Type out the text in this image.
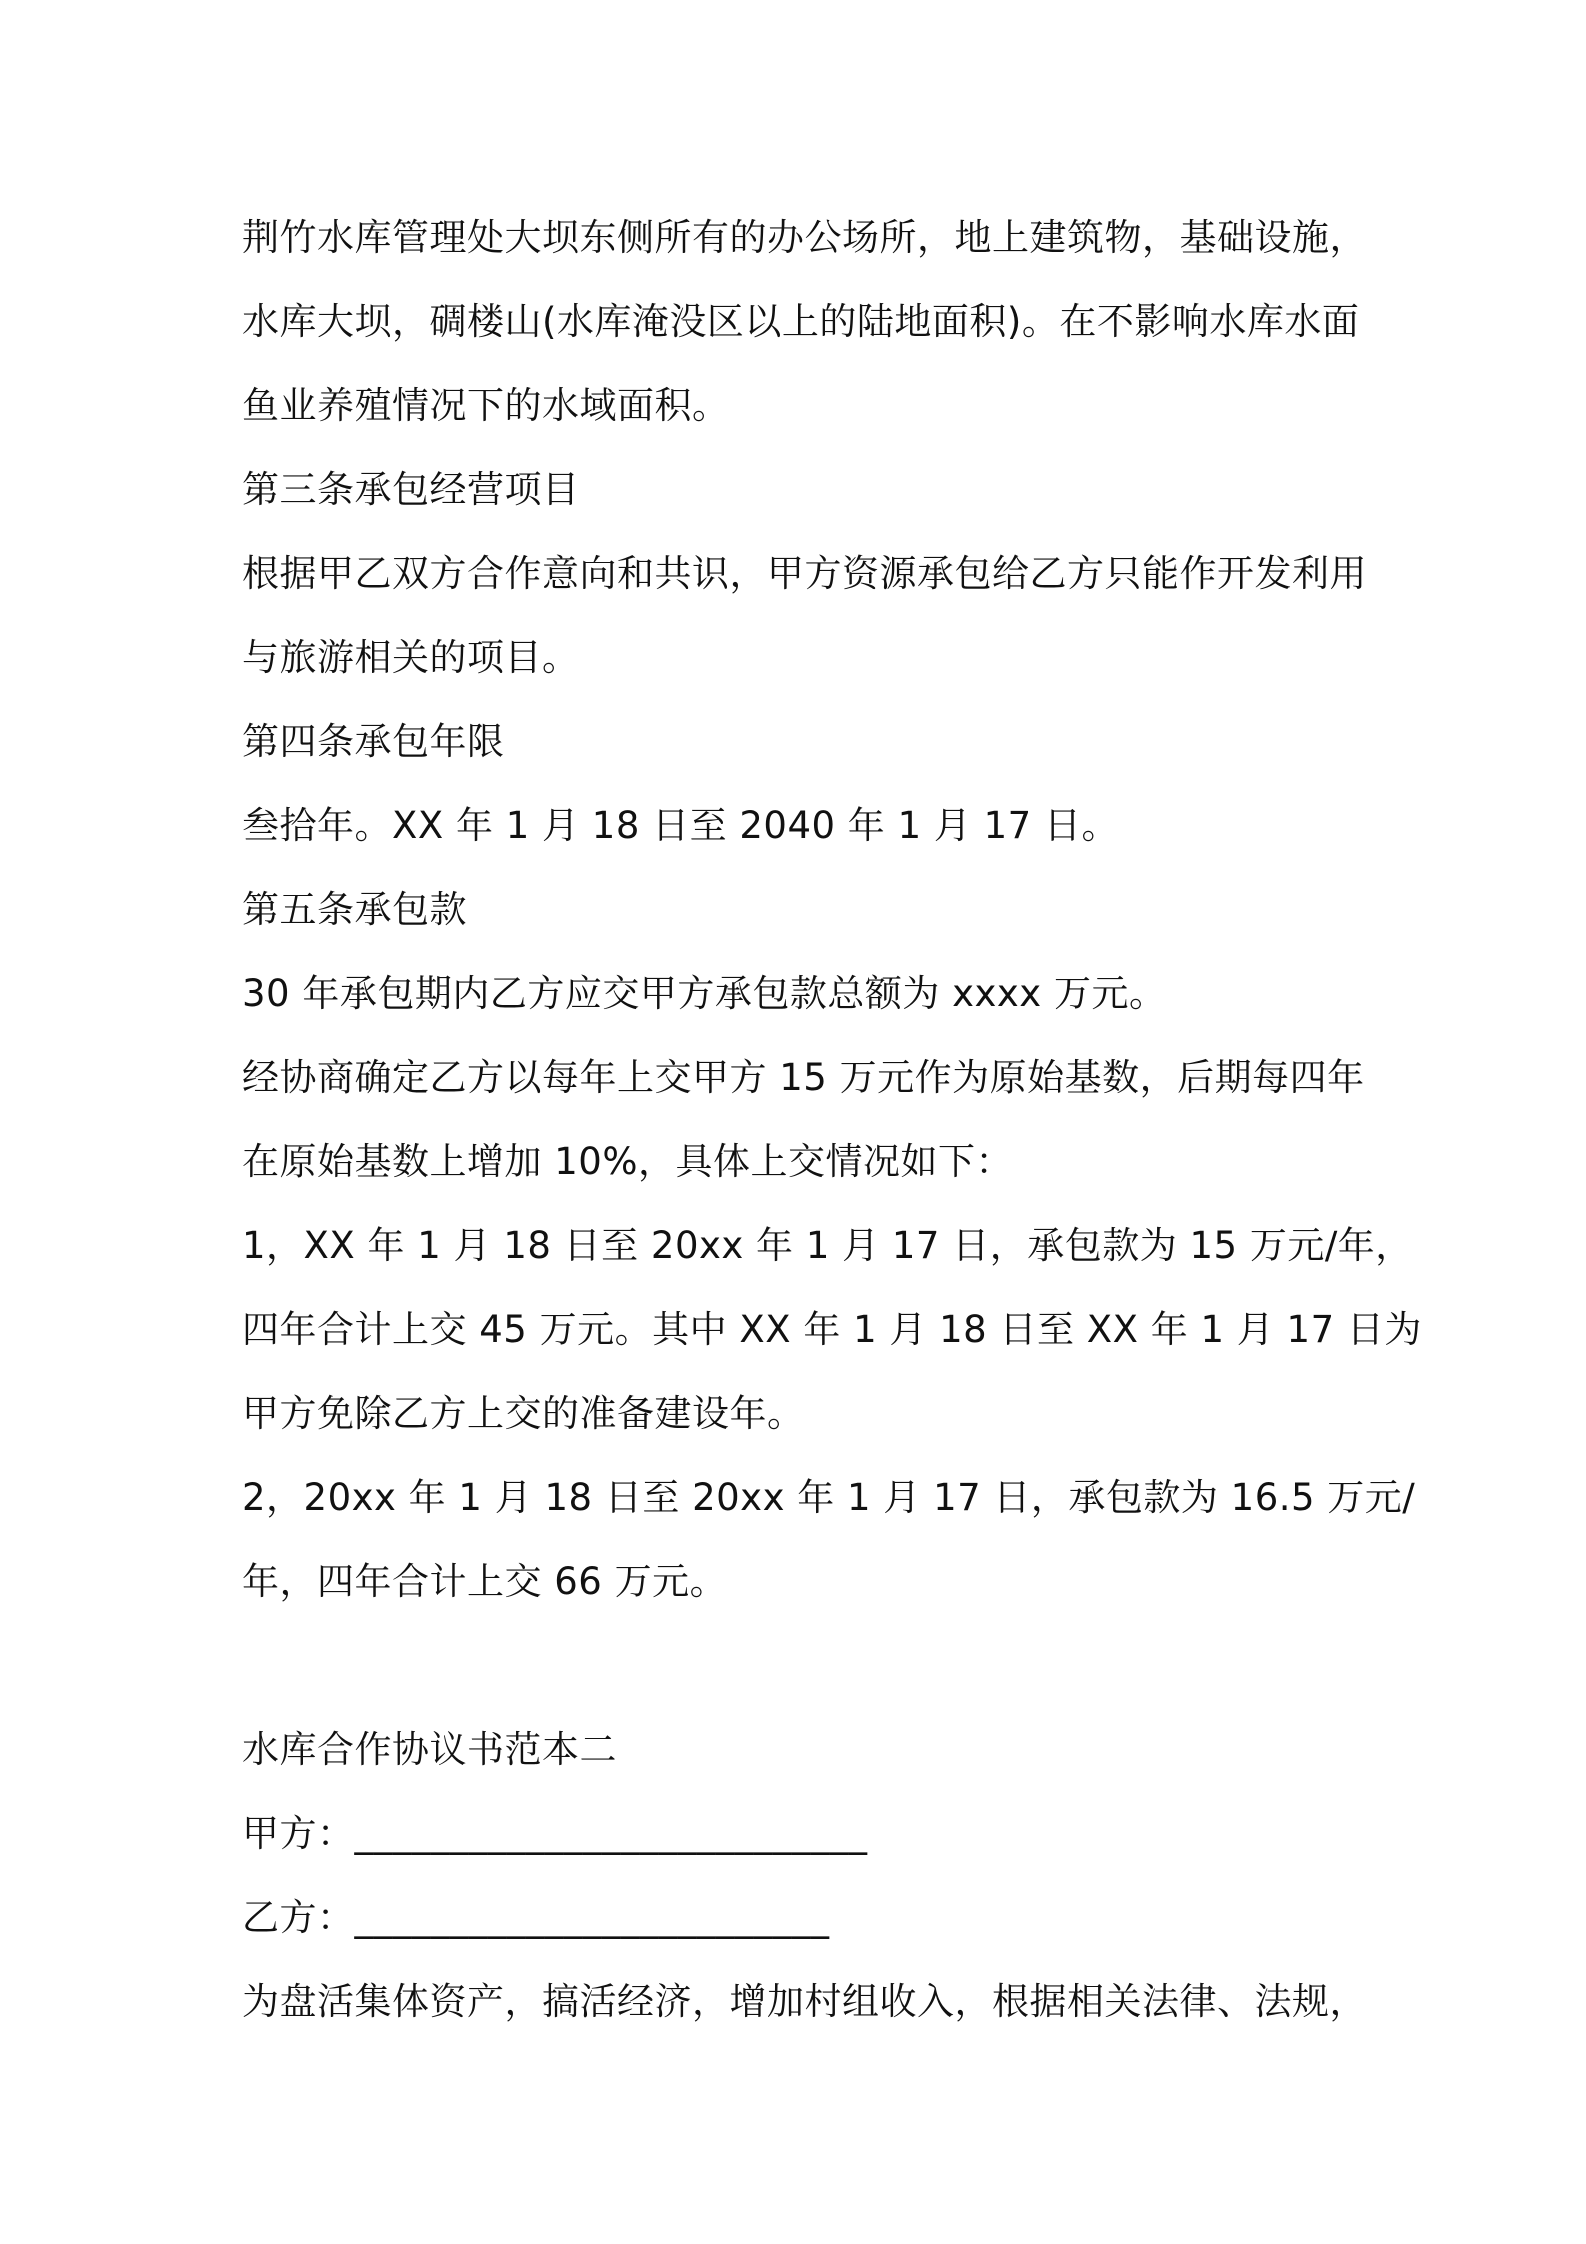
荆竹水库管理处大坝东侧所有的办公场所，地上建筑物，基础设施，
水库大坝，碉楼山(水库淹没区以上的陆地面积)。在不影响水库水面
鱼业养殖情况下的水域面积。
第三条承包经营项目
根据甲乙双方合作意向和共识，甲方资源承包给乙方只能作开发利用
与旅游相关的项目。
第四条承包年限
叁拾年。XX 年 1 月 18 日至 2040 年 1 月 17 日。
第五条承包款
30 年承包期内乙方应交甲方承包款总额为 xxxx 万元。
经协商确定乙方以每年上交甲方 15 万元作为原始基数，后期每四年
在原始基数上增加 10%，具体上交情况如下：
1，XX 年 1 月 18 日至 20xx 年 1 月 17 日，承包款为 15 万元/年，
四年合计上交 45 万元。其中 XX 年 1 月 18 日至 XX 年 1 月 17 日为
甲方免除乙方上交的准备建设年。
2，20xx 年 1 月 18 日至 20xx 年 1 月 17 日，承包款为 16.5 万元/
年，四年合计上交 66 万元。
水库合作协议书范本二
甲方：___________________________
乙方：_________________________
为盘活集体资产，搞活经济，增加村组收入，根据相关法律、法规，
